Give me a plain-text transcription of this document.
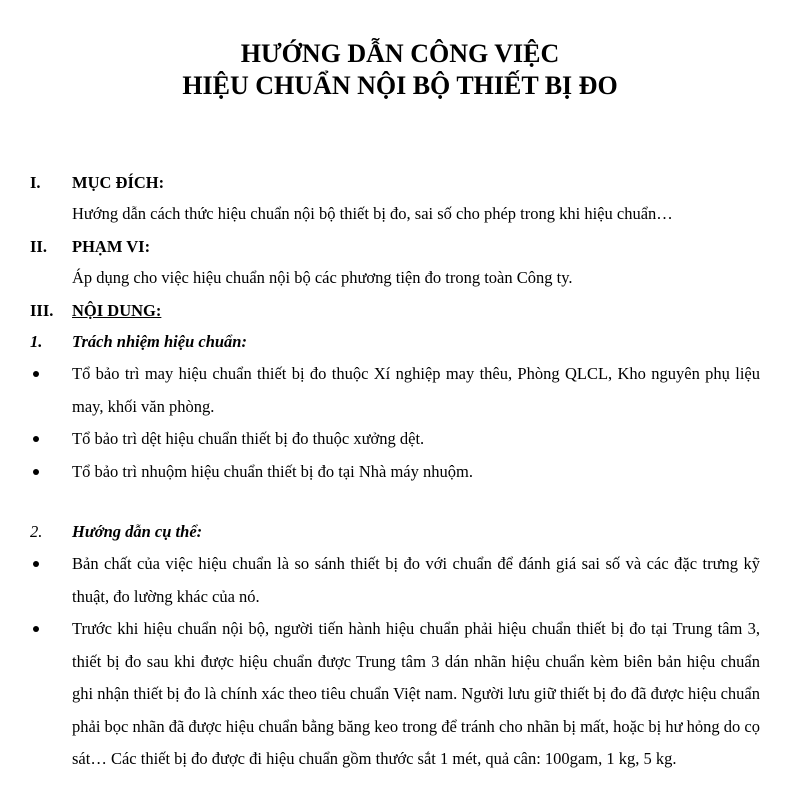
HƯỚNG DẪN CÔNG VIỆC
HIỆU CHUẨN NỘI BỘ THIẾT BỊ ĐO
I. MỤC ĐÍCH:
Hướng dẫn cách thức hiệu chuẩn nội bộ thiết bị đo, sai số cho phép trong khi hiệu chuẩn…
II. PHẠM VI:
Áp dụng cho việc hiệu chuẩn nội bộ các phương tiện đo trong toàn Công ty.
III. NỘI DUNG:
1. Trách nhiệm hiệu chuẩn:
Tổ bảo trì may hiệu chuẩn thiết bị đo thuộc Xí nghiệp may thêu, Phòng QLCL, Kho nguyên phụ liệu may, khối văn phòng.
Tổ bảo trì dệt hiệu chuẩn thiết bị đo thuộc xưởng dệt.
Tổ bảo trì nhuộm hiệu chuẩn thiết bị đo tại Nhà máy nhuộm.
2. Hướng dẫn cụ thể:
Bản chất của việc hiệu chuẩn là so sánh thiết bị đo với chuẩn để đánh giá sai số và các đặc trưng kỹ thuật, đo lường khác của nó.
Trước khi hiệu chuẩn nội bộ, người tiến hành hiệu chuẩn phải hiệu chuẩn thiết bị đo tại Trung tâm 3, thiết bị đo sau khi được hiệu chuẩn được Trung tâm 3 dán nhãn hiệu chuẩn kèm biên bản hiệu chuẩn ghi nhận thiết bị đo là chính xác theo tiêu chuẩn Việt nam. Người lưu giữ thiết bị đo đã được hiệu chuẩn phải bọc nhãn đã được hiệu chuẩn bằng băng keo trong để tránh cho nhãn bị mất, hoặc bị hư hỏng do cọ sát… Các thiết bị đo được đi hiệu chuẩn gồm thước sắt 1 mét, quả cân: 100gam, 1 kg, 5 kg.
